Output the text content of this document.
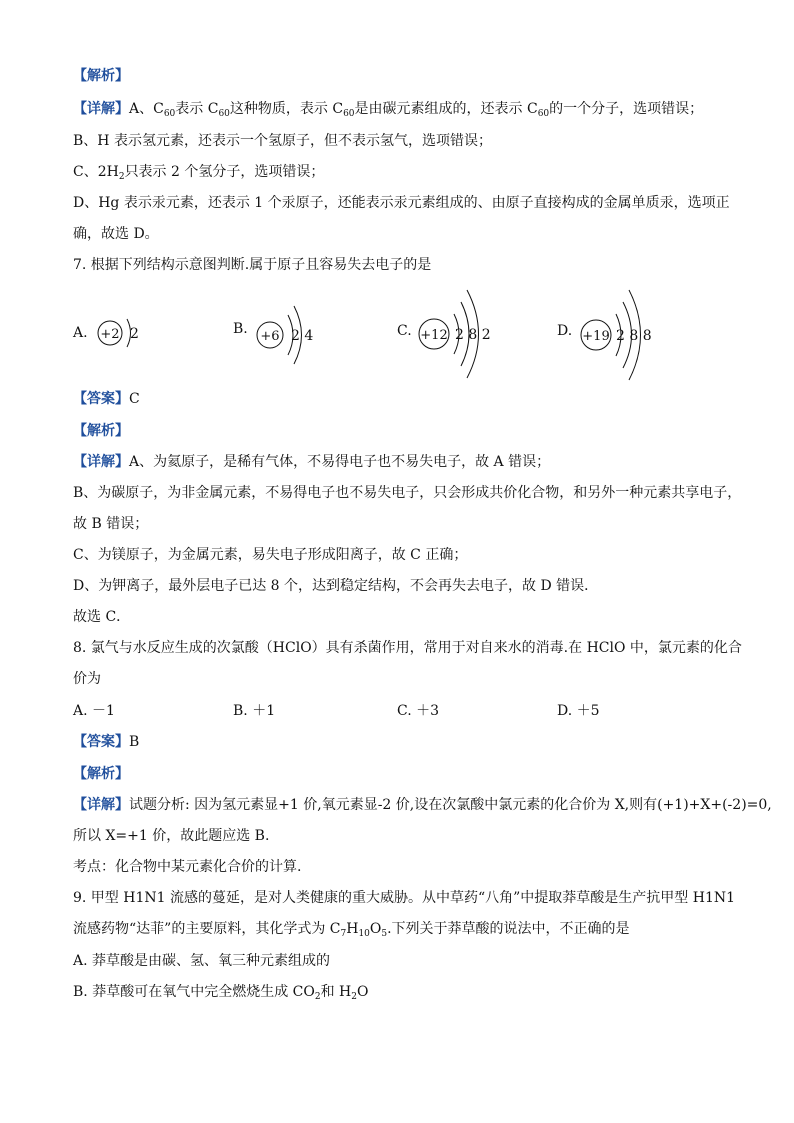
【解析】
【详解】A、$C_{60}$表示 $C_{60}$这种物质，表示 $C_{60}$是由碳元素组成的，还表示 $C_{60}$的一个分子，选项错误；
B、H 表示氢元素，还表示一个氢原子，但不表示氢气，选项错误；
C、$2H_2$只表示 2 个氢分子，选项错误；
D、Hg 表示汞元素，还表示 1 个汞原子，还能表示汞元素组成的、由原子直接构成的金属单质汞，选项正
确，故选 D。
7. 根据下列结构示意图判断.属于原子且容易失去电子的是
A. +2 2	B. +6 2 4	C. +12 2 8 2	D. +19 2 8 8
【答案】C
【解析】
【详解】A、为氦原子，是稀有气体，不易得电子也不易失电子，故 A 错误；
B、为碳原子，为非金属元素，不易得电子也不易失电子，只会形成共价化合物，和另外一种元素共享电子，
故 B 错误；
C、为镁原子，为金属元素，易失电子形成阳离子，故 C 正确；
D、为钾离子，最外层电子已达 8 个，达到稳定结构，不会再失去电子，故 D 错误．
故选 C．
8. 氯气与水反应生成的次氯酸（HClO）具有杀菌作用，常用于对自来水的消毒.在 HClO 中，氯元素的化合
价为
A. －1	B. ＋1	C. ＋3	D. ＋5
【答案】B
【解析】
【详解】试题分析: 因为氢元素显+1 价,氧元素显-2 价,设在次氯酸中氯元素的化合价为 X,则有(+1)+X+(-2)=0,
所以 X=+1 价，故此题应选 B.
考点：化合物中某元素化合价的计算.
9. 甲型 H1N1 流感的蔓延，是对人类健康的重大威胁。从中草药“八角”中提取莽草酸是生产抗甲型 H1N1
流感药物“达菲”的主要原料，其化学式为 $C_7H_{10}O_5$.下列关于莽草酸的说法中，不正确的是
A. 莽草酸是由碳、氢、氧三种元素组成的
B. 莽草酸可在氧气中完全燃烧生成 $CO_2$和 $H_2O$
